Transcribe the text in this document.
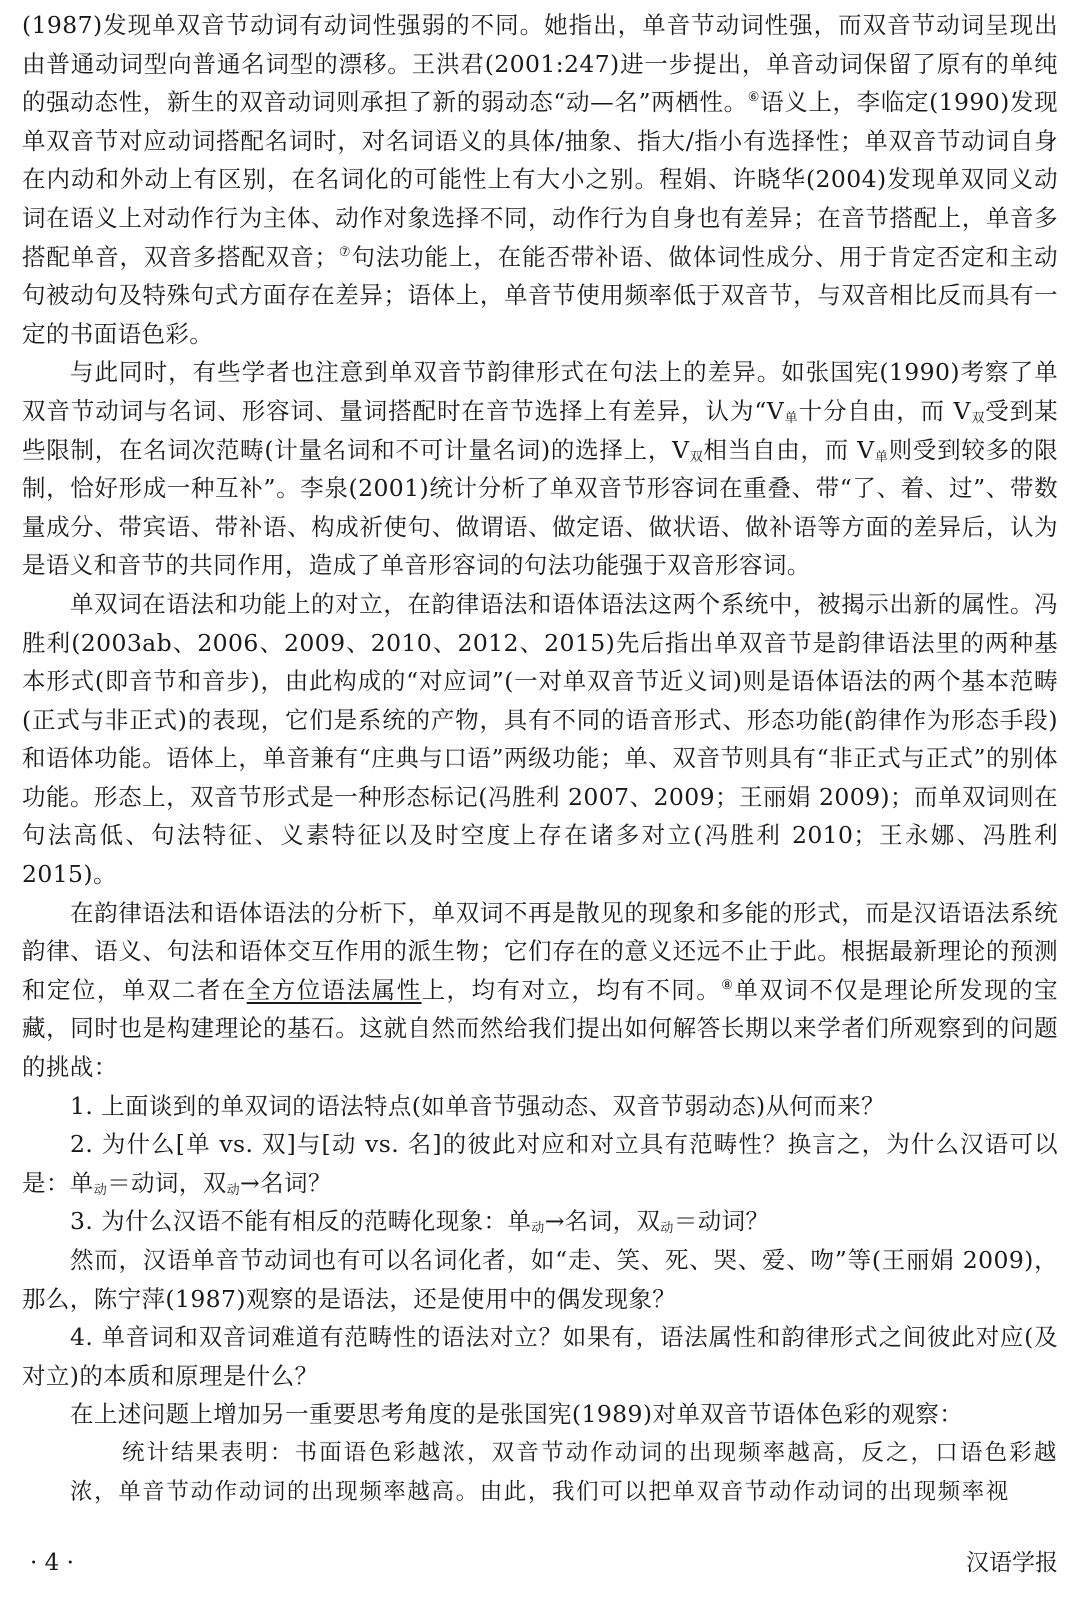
(1987)发现单双音节动词有动词性强弱的不同。她指出，单音节动词性强，而双音节动词呈现出由普通动词型向普通名词型的漂移。王洪君(2001:247)进一步提出，单音动词保留了原有的单纯的强动态性，新生的双音动词则承担了新的弱动态“动—名”两栖性。⑥语义上，李临定(1990)发现单双音节对应动词搭配名词时，对名词语义的具体/抽象、指大/指小有选择性；单双音节动词自身在内动和外动上有区别，在名词化的可能性上有大小之别。程娟、许晓华(2004)发现单双同义动词在语义上对动作行为主体、动作对象选择不同，动作行为自身也有差异；在音节搭配上，单音多搭配单音，双音多搭配双音；⑦句法功能上，在能否带补语、做体词性成分、用于肯定否定和主动句被动句及特殊句式方面存在差异；语体上，单音节使用频率低于双音节，与双音相比反而具有一定的书面语色彩。

与此同时，有些学者也注意到单双音节韵律形式在句法上的差异。如张国宪(1990)考察了单双音节动词与名词、形容词、量词搭配时在音节选择上有差异，认为“$V_单$十分自由，而 $V_双$受到某些限制，在名词次范畴(计量名词和不可计量名词)的选择上，$V_双$相当自由，而 $V_单$则受到较多的限制，恰好形成一种互补”。李泉(2001)统计分析了单双音节形容词在重叠、带“了、着、过”、带数量成分、带宾语、带补语、构成祈使句、做谓语、做定语、做状语、做补语等方面的差异后，认为是语义和音节的共同作用，造成了单音形容词的句法功能强于双音形容词。

单双词在语法和功能上的对立，在韵律语法和语体语法这两个系统中，被揭示出新的属性。冯胜利(2003ab、2006、2009、2010、2012、2015)先后指出单双音节是韵律语法里的两种基本形式(即音节和音步)，由此构成的“对应词”(一对单双音节近义词)则是语体语法的两个基本范畴(正式与非正式)的表现，它们是系统的产物，具有不同的语音形式、形态功能(韵律作为形态手段)和语体功能。语体上，单音兼有“庄典与口语”两级功能；单、双音节则具有“非正式与正式”的别体功能。形态上，双音节形式是一种形态标记(冯胜利 2007、2009；王丽娟 2009)；而单双词则在句法高低、句法特征、义素特征以及时空度上存在诸多对立(冯胜利 2010；王永娜、冯胜利 2015)。

在韵律语法和语体语法的分析下，单双词不再是散见的现象和多能的形式，而是汉语语法系统韵律、语义、句法和语体交互作用的派生物；它们存在的意义还远不止于此。根据最新理论的预测和定位，单双二者在全方位语法属性上，均有对立，均有不同。⑧单双词不仅是理论所发现的宝藏，同时也是构建理论的基石。这就自然而然给我们提出如何解答长期以来学者们所观察到的问题的挑战：

1. 上面谈到的单双词的语法特点(如单音节强动态、双音节弱动态)从何而来？

2. 为什么[单 vs. 双]与[动 vs. 名]的彼此对应和对立具有范畴性？换言之，为什么汉语可以是：单$_动$＝动词，双$_动$→名词？

3. 为什么汉语不能有相反的范畴化现象：单$_动$→名词，双$_动$＝动词？

然而，汉语单音节动词也有可以名词化者，如“走、笑、死、哭、爱、吻”等(王丽娟 2009)，那么，陈宁萍(1987)观察的是语法，还是使用中的偶发现象？

4. 单音词和双音词难道有范畴性的语法对立？如果有，语法属性和韵律形式之间彼此对应(及对立)的本质和原理是什么？

在上述问题上增加另一重要思考角度的是张国宪(1989)对单双音节语体色彩的观察：

统计结果表明：书面语色彩越浓，双音节动作动词的出现频率越高，反之，口语色彩越浓，单音节动作动词的出现频率越高。由此，我们可以把单双音节动作动词的出现频率视

· 4 ·	汉语学报
